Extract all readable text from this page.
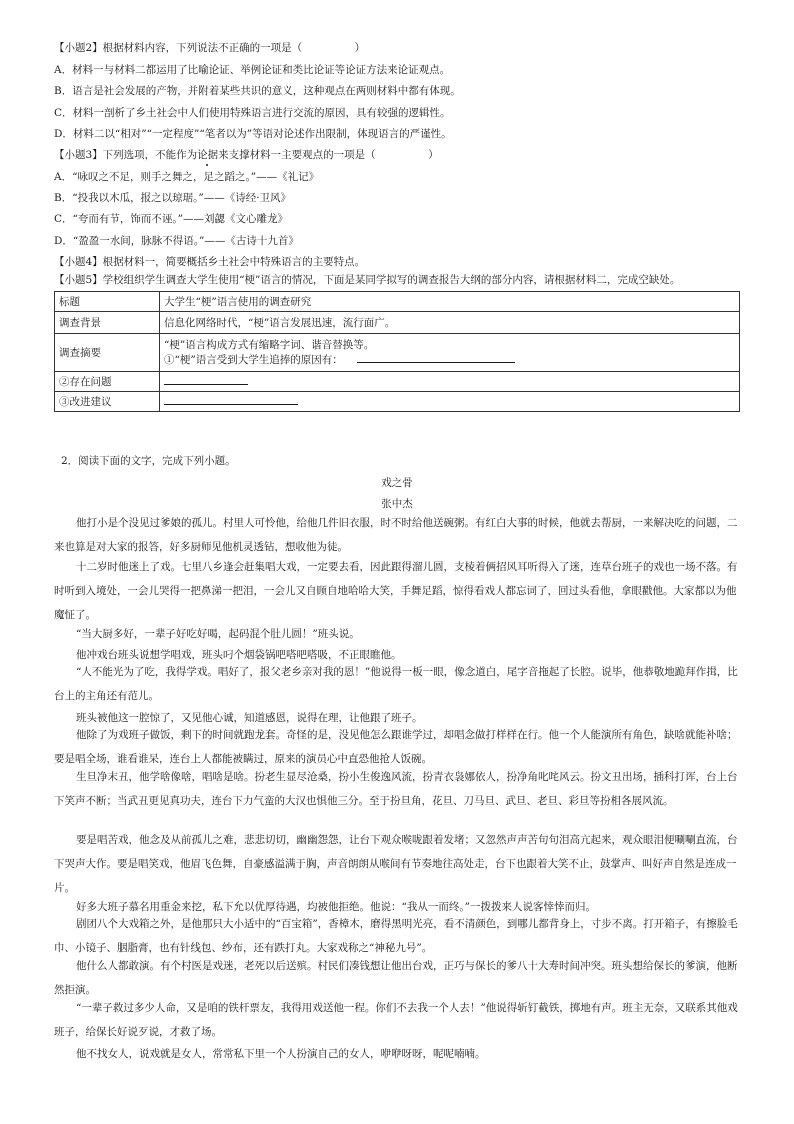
【小题2】根据材料内容，下列说法不正确的一项是（　　　　　）
A．材料一与材料二都运用了比喻论证、举例论证和类比论证等论证方法来论证观点。
B．语言是社会发展的产物，并附着某些共识的意义，这种观点在两则材料中都有体现。
C．材料一剖析了乡土社会中人们使用特殊语言进行交流的原因，具有较强的逻辑性。
D．材料二以“相对”“一定程度”“笔者以为”等语对论述作出限制，体现语言的严谨性。
【小题3】下列选项，不能作为论据来支撑材料一主要观点的一项是（　　　　　）
A．“咏叹之不足，则手之舞之，足之蹈之。”——《礼记》
B．“投我以木瓜，报之以琼琚。”——《诗经·卫风》
C．“夸而有节，饰而不诬。”——刘勰《文心雕龙》
D．“盈盈一水间，脉脉不得语。”——《古诗十九首》
【小题4】根据材料一，简要概括乡土社会中特殊语言的主要特点。
【小题5】学校组织学生调查大学生使用“梗”语言的情况，下面是某同学拟写的调查报告大纲的部分内容，请根据材料二，完成空缺处。
标题	大学生“梗”语言使用的调查研究
调查背景	信息化网络时代，“梗”语言发展迅速，流行面广。
调查摘要	“梗”语言构成方式有缩略字词、谐音替换等。
①“梗”语言受到大学生追捧的原因有：

②存在问题	
③改进建议	
2．阅读下面的文字，完成下列小题。
戏之骨
张中杰
他打小是个没见过爹娘的孤儿。村里人可怜他，给他几件旧衣服，时不时给他送碗粥。有红白大事的时候，他就去帮厨，一来解决吃的问题，二来也算是对大家的报答，好多厨师见他机灵透钻，想收他为徒。
十二岁时他迷上了戏。七里八乡逢会赶集唱大戏，一定要去看，因此跟得溜儿圆，支棱着俩招风耳听得入了迷，连草台班子的戏也一场不落。有时听到入境处，一会儿哭得一把鼻涕一把泪，一会儿又自顾自地哈哈大笑，手舞足蹈，惊得看戏人都忘词了，回过头看他，拿眼戳他。大家都以为他魔怔了。
“当大厨多好，一辈子好吃好喝，起码混个肚儿圆！”班头说。
他冲戏台班头说想学唱戏，班头叼个烟袋锅吧嗒吧嗒吸，不正眼瞧他。
“人不能光为了吃，我得学戏。唱好了，报父老乡亲对我的恩！”他说得一板一眼，像念道白，尾字音拖起了长腔。说毕，他恭敬地跪拜作揖，比台上的主角还有范儿。
班头被他这一腔惊了，又见他心诚，知道感恩，说得在理，让他跟了班子。
他除了为戏班子做饭，剩下的时间就跑龙套。奇怪的是，没见他怎么跟谁学过，却唱念做打样样在行。他一个人能演所有角色，缺啥就能补啥；要是唱全场，谁看谁呆，连台上人都能被瞒过，原来的演员心中直恐他抢人饭碗。
生旦净末丑，他学啥像啥，唱啥是啥。扮老生显尽沧桑，扮小生俊逸风流，扮青衣袅娜依人，扮净角叱咤风云。扮文丑出场，插科打诨，台上台下笑声不断；当武丑更见真功夫，连台下力气蛮的大汉也惧他三分。至于扮旦角，花旦、刀马旦、武旦、老旦、彩旦等扮相各展风流。
要是唱苦戏，他念及从前孤儿之难，悲悲切切，幽幽怨怨，让台下观众喉咙跟着发堵；又忽然声声苦句句泪高亢起来，观众眼泪便唰唰直流，台下哭声大作。要是唱笑戏，他眉飞色舞，自豪感溢满于胸，声音朗朗从喉间有节奏地往高处走，台下也跟着大笑不止，鼓掌声、叫好声自然是连成一片。
好多大班子慕名用重金来挖，私下允以优厚待遇，均被他拒绝。他说：“我从一而终。”一拨拨来人说客悻悻而归。
剧团八个大戏箱之外，是他那只大小适中的“百宝箱”，香樟木，磨得黑明光亮，看不清颜色，到哪儿都背身上，寸步不离。打开箱子，有擦脸毛巾、小镜子、胭脂膏，也有针线包、纱布，还有跌打丸。大家戏称之“神秘九号”。
他什么人都敢演。有个村医是戏迷，老死以后送殡。村民们凑钱想让他出台戏，正巧与保长的爹八十大寿时间冲突。班头想给保长的爹演，他断然拒演。
“一辈子救过多少人命，又是咱的铁杆票友，我得用戏送他一程。你们不去我一个人去！”他说得斩钉截铁，掷地有声。班主无奈，又联系其他戏班子，给保长好说歹说，才救了场。
他不找女人，说戏就是女人，常常私下里一个人扮演自己的女人，咿咿呀呀，呢呢喃喃。
